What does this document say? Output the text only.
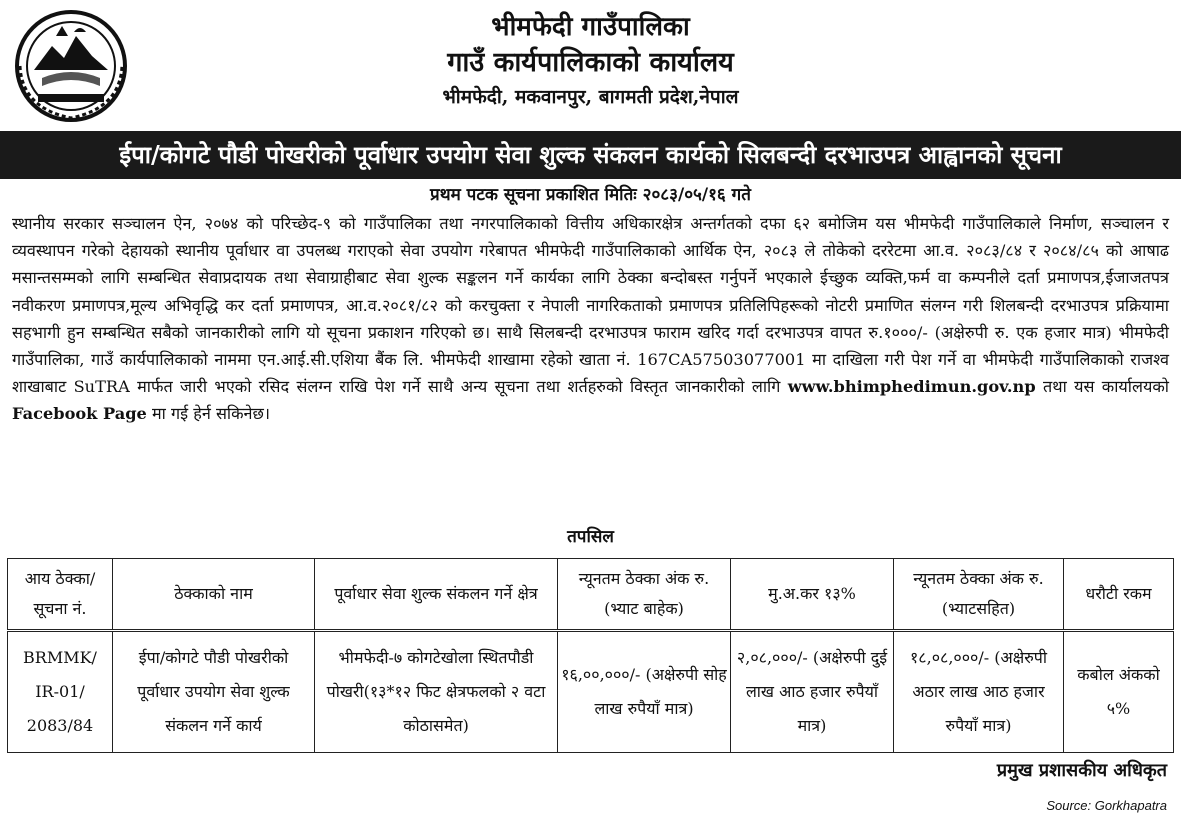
भीमफेदी गाउँपालिका
गाउँ कार्यपालिकाको कार्यालय
भीमफेदी, मकवानपुर, बागमती प्रदेश,नेपाल
ईपा/कोगटे पौडी पोखरीको पूर्वाधार उपयोग सेवा शुल्क संकलन कार्यको सिलबन्दी दरभाउपत्र आह्वानको सूचना
प्रथम पटक सूचना प्रकाशित मितिः २०८३/०५/१६ गते

स्थानीय सरकार सञ्चालन ऐन, २०७४ को परिच्छेद-९ को गाउँपालिका तथा नगरपालिकाको वित्तीय अधिकारक्षेत्र अन्तर्गतको दफा ६२ बमोजिम यस भीमफेदी गाउँपालिकाले निर्माण, सञ्चालन र व्यवस्थापन गरेको देहायको स्थानीय पूर्वाधार वा उपलब्ध गराएको सेवा उपयोग गरेबापत भीमफेदी गाउँपालिकाको आर्थिक ऐन, २०८३ ले तोकेको दररेटमा आ.व. २०८३/८४ र २०८४/८५ को आषाढ मसान्तसम्मको लागि सम्बन्धित सेवाप्रदायक तथा सेवाग्राहीबाट सेवा शुल्क सङ्कलन गर्ने कार्यका लागि ठेक्का बन्दोबस्त गर्नुपर्ने भएकाले ईच्छुक व्यक्ति,फर्म वा कम्पनीले दर्ता प्रमाणपत्र,ईजाजतपत्र नवीकरण प्रमाणपत्र,मूल्य अभिवृद्धि कर दर्ता प्रमाणपत्र, आ.व.२०८१/८२ को करचुक्ता र नेपाली नागरिकताको प्रमाणपत्र प्रतिलिपिहरूको नोटरी प्रमाणित संलग्न गरी शिलबन्दी दरभाउपत्र प्रक्रियामा सहभागी हुन सम्बन्धित सबैको जानकारीको लागि यो सूचना प्रकाशन गरिएको छ। साथै सिलबन्दी दरभाउपत्र फाराम खरिद गर्दा दरभाउपत्र वापत रु.१०००/- (अक्षेरुपी रु. एक हजार मात्र) भीमफेदी गाउँपालिका, गाउँ कार्यपालिकाको नाममा एन.आई.सी.एशिया बैंक लि. भीमफेदी शाखामा रहेको खाता नं. 167CA57503077001 मा दाखिला गरी पेश गर्ने वा भीमफेदी गाउँपालिकाको राजश्व शाखाबाट SuTRA मार्फत जारी भएको रसिद संलग्न राखि पेश गर्ने साथै अन्य सूचना तथा शर्तहरुको विस्तृत जानकारीको लागि www.bhimphedimun.gov.np तथा यस कार्यालयको Facebook Page मा गई हेर्न सकिनेछ।

तपसिल
आय ठेक्का/ सूचना नं.	ठेक्काको नाम	पूर्वाधार सेवा शुल्क संकलन गर्ने क्षेत्र	न्यूनतम ठेक्का अंक रु. (भ्याट बाहेक)	मु.अ.कर १३%	न्यूनतम ठेक्का अंक रु. (भ्याटसहित)	धरौटी रकम
BRMMK/ IR-01/ 2083/84	ईपा/कोगटे पौडी पोखरीको पूर्वाधार उपयोग सेवा शुल्क संकलन गर्ने कार्य	भीमफेदी-७ कोगटेखोला स्थितपौडी पोखरी(१३*१२ फिट क्षेत्रफलको २ वटा कोठासमेत)	१६,००,०००/- (अक्षेरुपी सोह लाख रुपैयाँ मात्र)	२,०८,०००/- (अक्षेरुपी दुई लाख आठ हजार रुपैयाँ मात्र)	१८,०८,०००/- (अक्षेरुपी अठार लाख आठ हजार रुपैयाँ मात्र)	कबोल अंकको ५%
प्रमुख प्रशासकीय अधिकृत
Source: Gorkhapatra
